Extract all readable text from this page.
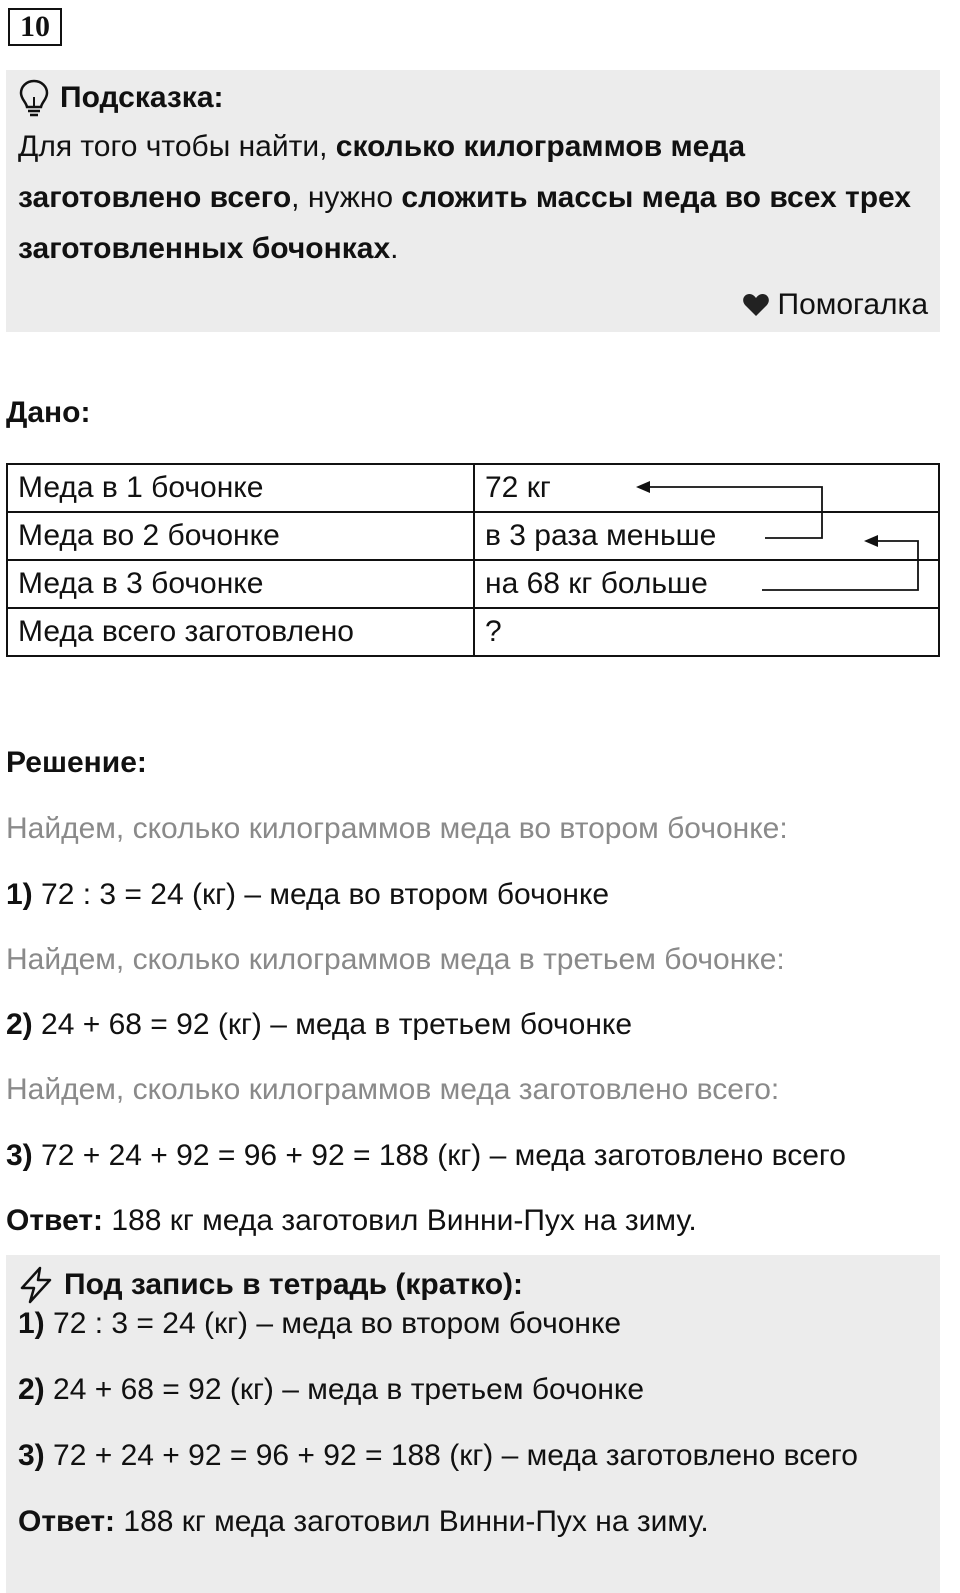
10
Подсказка:
Для того чтобы найти, сколько килограммов меда заготовлено всего, нужно сложить массы меда во всех трех заготовленных бочонках.
Помогалка
Дано:
Меда в 1 бочонке	72 кг
Меда во 2 бочонке	в 3 раза меньше
Меда в 3 бочонке	на 68 кг больше
Меда всего заготовлено	?
Решение:
Найдем, сколько килограммов меда во втором бочонке:
1) 72 : 3 = 24 (кг) – меда во втором бочонке
Найдем, сколько килограммов меда в третьем бочонке:
2) 24 + 68 = 92 (кг) – меда в третьем бочонке
Найдем, сколько килограммов меда заготовлено всего:
3) 72 + 24 + 92 = 96 + 92 = 188 (кг) – меда заготовлено всего
Ответ: 188 кг меда заготовил Винни-Пух на зиму.
Под запись в тетрадь (кратко):
1) 72 : 3 = 24 (кг) – меда во втором бочонке
2) 24 + 68 = 92 (кг) – меда в третьем бочонке
3) 72 + 24 + 92 = 96 + 92 = 188 (кг) – меда заготовлено всего
Ответ: 188 кг меда заготовил Винни-Пух на зиму.
